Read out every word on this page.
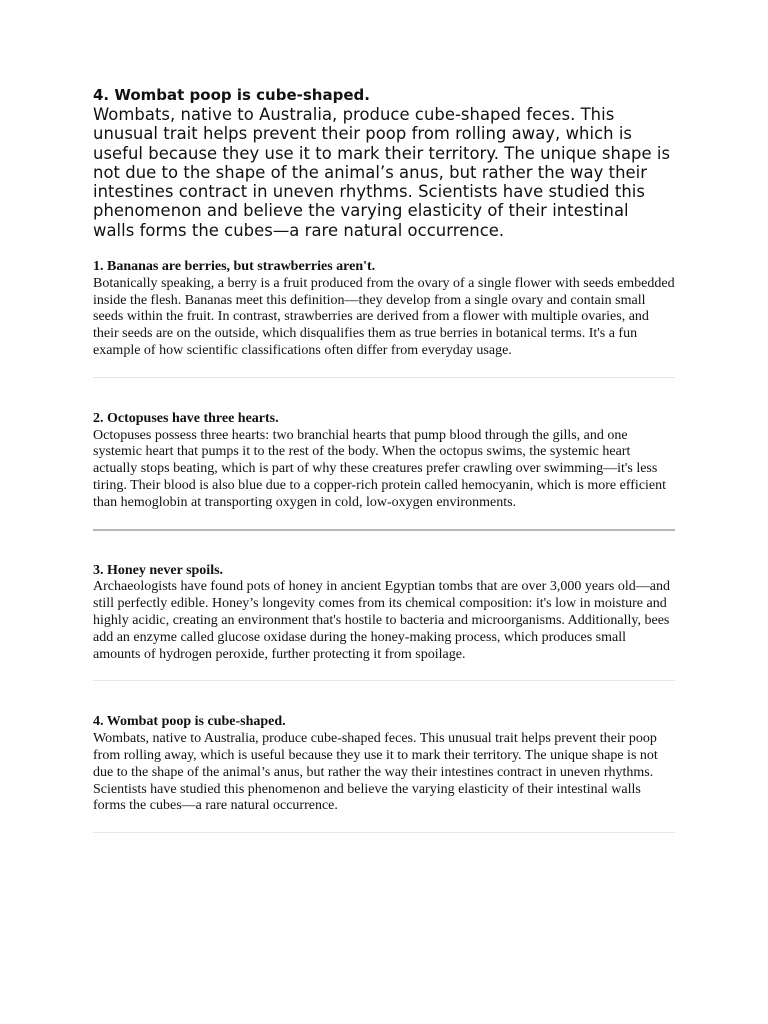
4. Wombat poop is cube-shaped.

Wombats, native to Australia, produce cube-shaped feces. This unusual trait helps prevent their poop from rolling away, which is useful because they use it to mark their territory. The unique shape is not due to the shape of the animal’s anus, but rather the way their intestines contract in uneven rhythms. Scientists have studied this phenomenon and believe the varying elasticity of their intestinal walls forms the cubes—a rare natural occurrence.

1. Bananas are berries, but strawberries aren't.

Botanically speaking, a berry is a fruit produced from the ovary of a single flower with seeds embedded inside the flesh. Bananas meet this definition—they develop from a single ovary and contain small seeds within the fruit. In contrast, strawberries are derived from a flower with multiple ovaries, and their seeds are on the outside, which disqualifies them as true berries in botanical terms. It's a fun example of how scientific classifications often differ from everyday usage.

2. Octopuses have three hearts.

Octopuses possess three hearts: two branchial hearts that pump blood through the gills, and one systemic heart that pumps it to the rest of the body. When the octopus swims, the systemic heart actually stops beating, which is part of why these creatures prefer crawling over swimming—it's less tiring. Their blood is also blue due to a copper-rich protein called hemocyanin, which is more efficient than hemoglobin at transporting oxygen in cold, low-oxygen environments.

3. Honey never spoils.

Archaeologists have found pots of honey in ancient Egyptian tombs that are over 3,000 years old—and still perfectly edible. Honey’s longevity comes from its chemical composition: it's low in moisture and highly acidic, creating an environment that's hostile to bacteria and microorganisms. Additionally, bees add an enzyme called glucose oxidase during the honey-making process, which produces small amounts of hydrogen peroxide, further protecting it from spoilage.

4. Wombat poop is cube-shaped.

Wombats, native to Australia, produce cube-shaped feces. This unusual trait helps prevent their poop from rolling away, which is useful because they use it to mark their territory. The unique shape is not due to the shape of the animal’s anus, but rather the way their intestines contract in uneven rhythms. Scientists have studied this phenomenon and believe the varying elasticity of their intestinal walls forms the cubes—a rare natural occurrence.
